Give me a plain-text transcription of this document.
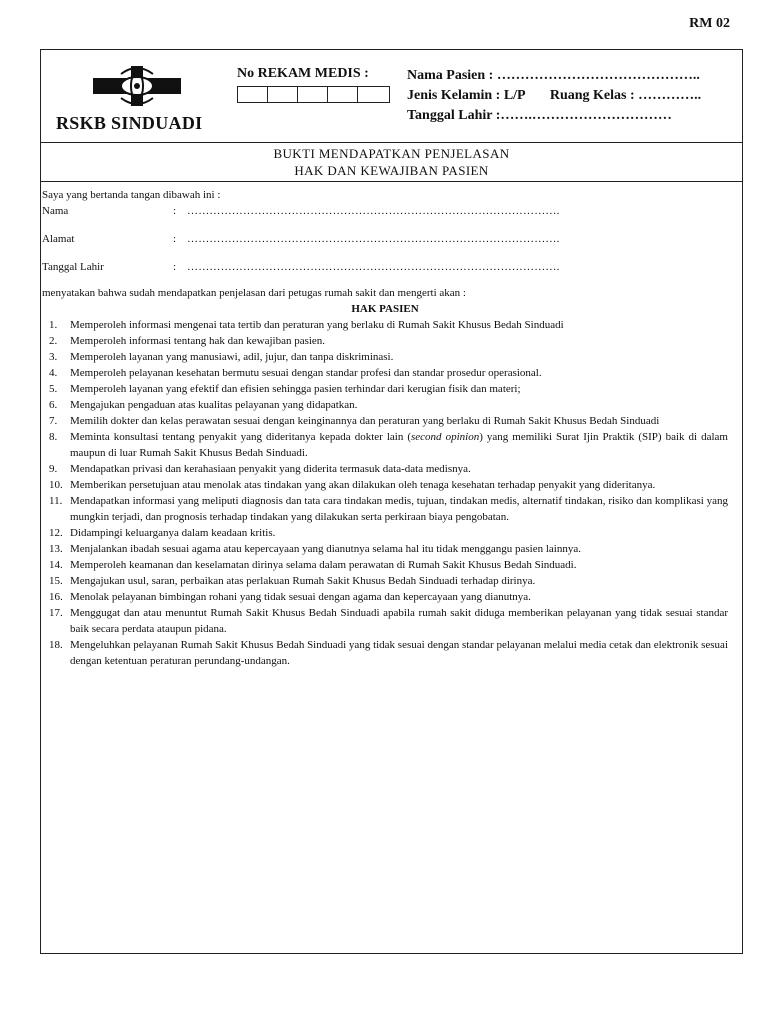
RM 02
RSKB SINDUADI
No REKAM MEDIS :	Nama Pasien : ……………………………………..
Jenis Kelamin : L/P Ruang Kelas : …………..
Tanggal Lahir :…….…………………………
BUKTI MENDAPATKAN PENJELASAN
HAK DAN KEWAJIBAN PASIEN

Saya yang bertanda tangan dibawah ini :

Nama	: ……………………………………………………………………………………….
Alamat	: ……………………………………………………………………………………….
Tanggal Lahir	: ……………………………………………………………………………………….
menyatakan bahwa sudah mendapatkan penjelasan dari petugas rumah sakit dan mengerti akan :
HAK PASIEN
1.	Memperoleh informasi mengenai tata tertib dan peraturan yang berlaku di Rumah Sakit Khusus Bedah Sinduadi
2.	Memperoleh informasi tentang hak dan kewajiban pasien.
3.	Memperoleh layanan yang manusiawi, adil, jujur, dan tanpa diskriminasi.
4.	Memperoleh pelayanan kesehatan bermutu sesuai dengan standar profesi dan standar prosedur operasional.
5.	Memperoleh layanan yang efektif dan efisien sehingga pasien terhindar dari kerugian fisik dan materi;
6.	Mengajukan pengaduan atas kualitas pelayanan yang didapatkan.
7.	Memilih dokter dan kelas perawatan sesuai dengan keinginannya dan peraturan yang berlaku di Rumah Sakit Khusus Bedah Sinduadi
8.	Meminta konsultasi tentang penyakit yang dideritanya kepada dokter lain (second opinion) yang memiliki Surat Ijin Praktik (SIP) baik di dalam maupun di luar Rumah Sakit Khusus Bedah Sinduadi.
9.	Mendapatkan privasi dan kerahasiaan penyakit yang diderita termasuk data-data medisnya.
10. Memberikan persetujuan atau menolak atas tindakan yang akan dilakukan oleh tenaga kesehatan terhadap penyakit yang dideritanya.
11. Mendapatkan informasi yang meliputi diagnosis dan tata cara tindakan medis, tujuan, tindakan medis, alternatif tindakan, risiko dan komplikasi yang mungkin terjadi, dan prognosis terhadap tindakan yang dilakukan serta perkiraan biaya pengobatan.
12. Didampingi keluarganya dalam keadaan kritis.
13. Menjalankan ibadah sesuai agama atau kepercayaan yang dianutnya selama hal itu tidak menggangu pasien lainnya.
14. Memperoleh keamanan dan keselamatan dirinya selama dalam perawatan di Rumah Sakit Khusus Bedah Sinduadi.
15. Mengajukan usul, saran, perbaikan atas perlakuan Rumah Sakit Khusus Bedah Sinduadi terhadap dirinya.
16. Menolak pelayanan bimbingan rohani yang tidak sesuai dengan agama dan kepercayaan yang dianutnya.
17. Menggugat dan atau menuntut Rumah Sakit Khusus Bedah Sinduadi apabila rumah sakit diduga memberikan pelayanan yang tidak sesuai standar baik secara perdata ataupun pidana.
18. Mengeluhkan pelayanan Rumah Sakit Khusus Bedah Sinduadi yang tidak sesuai dengan standar pelayanan melalui media cetak dan elektronik sesuai dengan ketentuan peraturan perundang-undangan.
